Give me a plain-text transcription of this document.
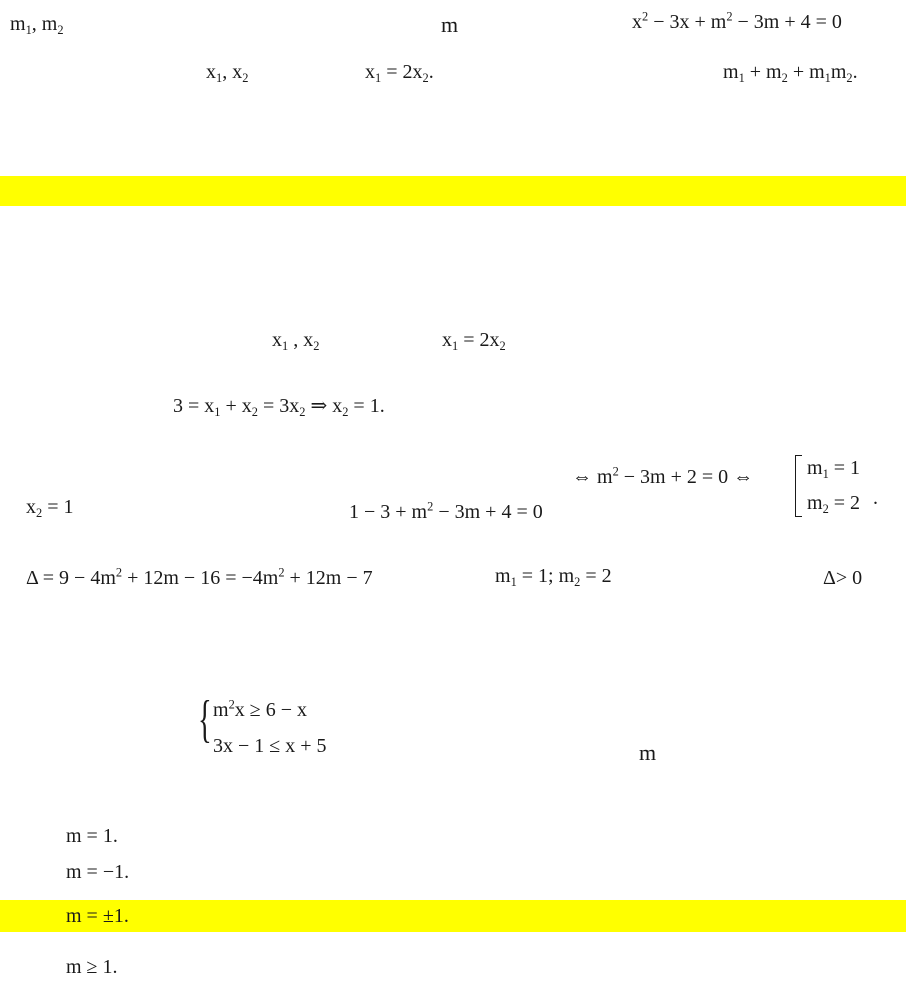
$m_1$, $m_2$	m	$x^2 - 3x + m^2 - 3m + 4 = 0$
$x_1$, $x_2$	$x_1 = 2x_2$.	$m_1 + m_2 + m_1m_2$.
$x_1$ , $x_2$	$x_1 = 2x_2$
$3 = x_1 + x_2 = 3x_2$ ⇒ $x_2 = 1$.
$x_2 = 1$	$1 - 3 + m^2 - 3m + 4 = 0$
⇔ $m^2 - 3m + 2 = 0$ ⇔	$m_1 = 1$
$m_2 = 2$ .
$\Delta = 9 - 4m^2 + 12m - 16 = -4m^2 + 12m - 7$	$m_1 = 1$; $m_2 = 2$	Δ> 0
{ $m^2x \ge 6 - x$
3x − 1 ≤ x + 5	m
m = 1.
m = −1.
m = ±1.
m ≥ 1.
